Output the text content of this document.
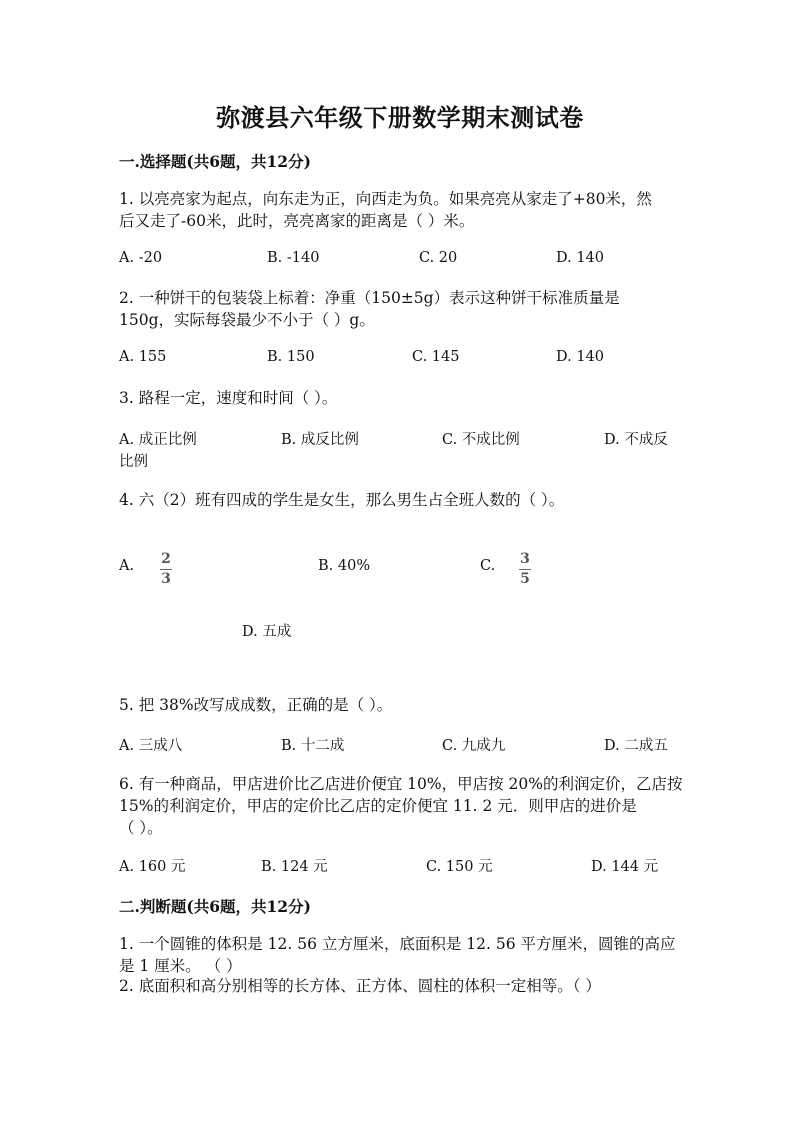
弥渡县六年级下册数学期末测试卷
一.选择题(共6题，共12分)
1. 以亮亮家为起点，向东走为正，向西走为负。如果亮亮从家走了+80米，然
后又走了-60米，此时，亮亮离家的距离是（ ）米。
A. -20	B. -140	C. 20	D. 140
2. 一种饼干的包装袋上标着：净重（150±5g）表示这种饼干标准质量是
150g，实际每袋最少不小于（ ）g。
A. 155	B. 150	C. 145	D. 140
3. 路程一定，速度和时间（ ）。
A. 成正比例	B. 成反比例	C. 不成比例	D. 不成反
比例
4. 六（2）班有四成的学生是女生，那么男生占全班人数的（ ）。
A. 2
3
B. 40%	C. 3
5
D. 五成
5. 把 38%改写成成数，正确的是（ ）。
A. 三成八	B. 十二成	C. 九成九	D. 二成五
6. 有一种商品，甲店进价比乙店进价便宜 10%，甲店按 20%的利润定价，乙店按
15%的利润定价，甲店的定价比乙店的定价便宜 11. 2 元．则甲店的进价是
（ ）。
A. 160 元	B. 124 元	C. 150 元	D. 144 元
二.判断题(共6题，共12分)
1. 一个圆锥的体积是 12. 56 立方厘米，底面积是 12. 56 平方厘米，圆锥的高应
是 1 厘米。 （ ）
2. 底面积和高分别相等的长方体、正方体、圆柱的体积一定相等。（ ）
